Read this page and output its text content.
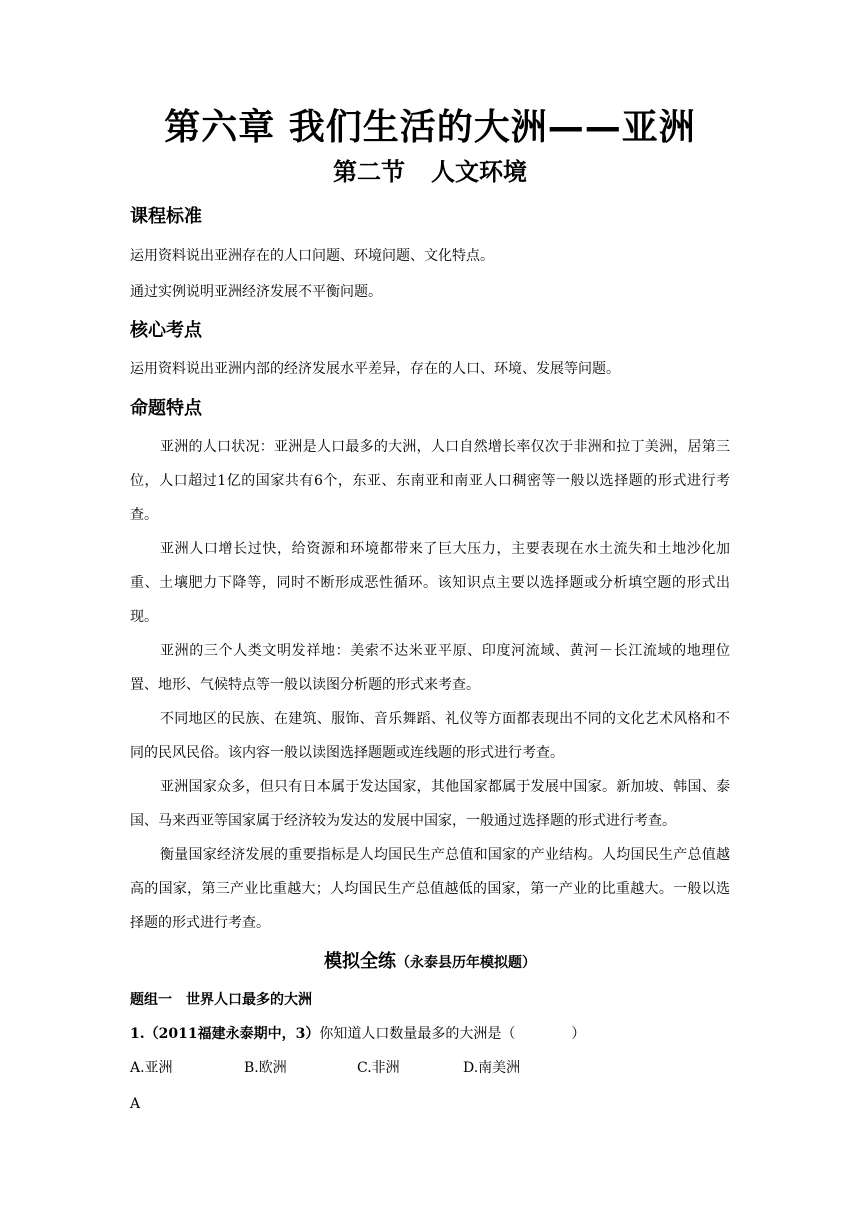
第六章 我们生活的大洲——亚洲
第二节 人文环境
课程标准
运用资料说出亚洲存在的人口问题、环境问题、文化特点。
通过实例说明亚洲经济发展不平衡问题。
核心考点
运用资料说出亚洲内部的经济发展水平差异，存在的人口、环境、发展等问题。
命题特点
亚洲的人口状况：亚洲是人口最多的大洲，人口自然增长率仅次于非洲和拉丁美洲，居第三位，人口超过1亿的国家共有6个，东亚、东南亚和南亚人口稠密等一般以选择题的形式进行考查。
亚洲人口增长过快，给资源和环境都带来了巨大压力，主要表现在水土流失和土地沙化加重、土壤肥力下降等，同时不断形成恶性循环。该知识点主要以选择题或分析填空题的形式出现。
亚洲的三个人类文明发祥地：美索不达米亚平原、印度河流域、黄河－长江流域的地理位置、地形、气候特点等一般以读图分析题的形式来考查。
不同地区的民族、在建筑、服饰、音乐舞蹈、礼仪等方面都表现出不同的文化艺术风格和不同的民风民俗。该内容一般以读图选择题题或连线题的形式进行考查。
亚洲国家众多，但只有日本属于发达国家，其他国家都属于发展中国家。新加坡、韩国、泰国、马来西亚等国家属于经济较为发达的发展中国家，一般通过选择题的形式进行考查。
衡量国家经济发展的重要指标是人均国民生产总值和国家的产业结构。人均国民生产总值越高的国家，第三产业比重越大；人均国民生产总值越低的国家，第一产业的比重越大。一般以选择题的形式进行考查。
模拟全练（永泰县历年模拟题）
题组一　世界人口最多的大洲
1.（2011福建永泰期中，3）你知道人口数量最多的大洲是（　　　　）
A.亚洲	B.欧洲	C.非洲	D.南美洲
A
